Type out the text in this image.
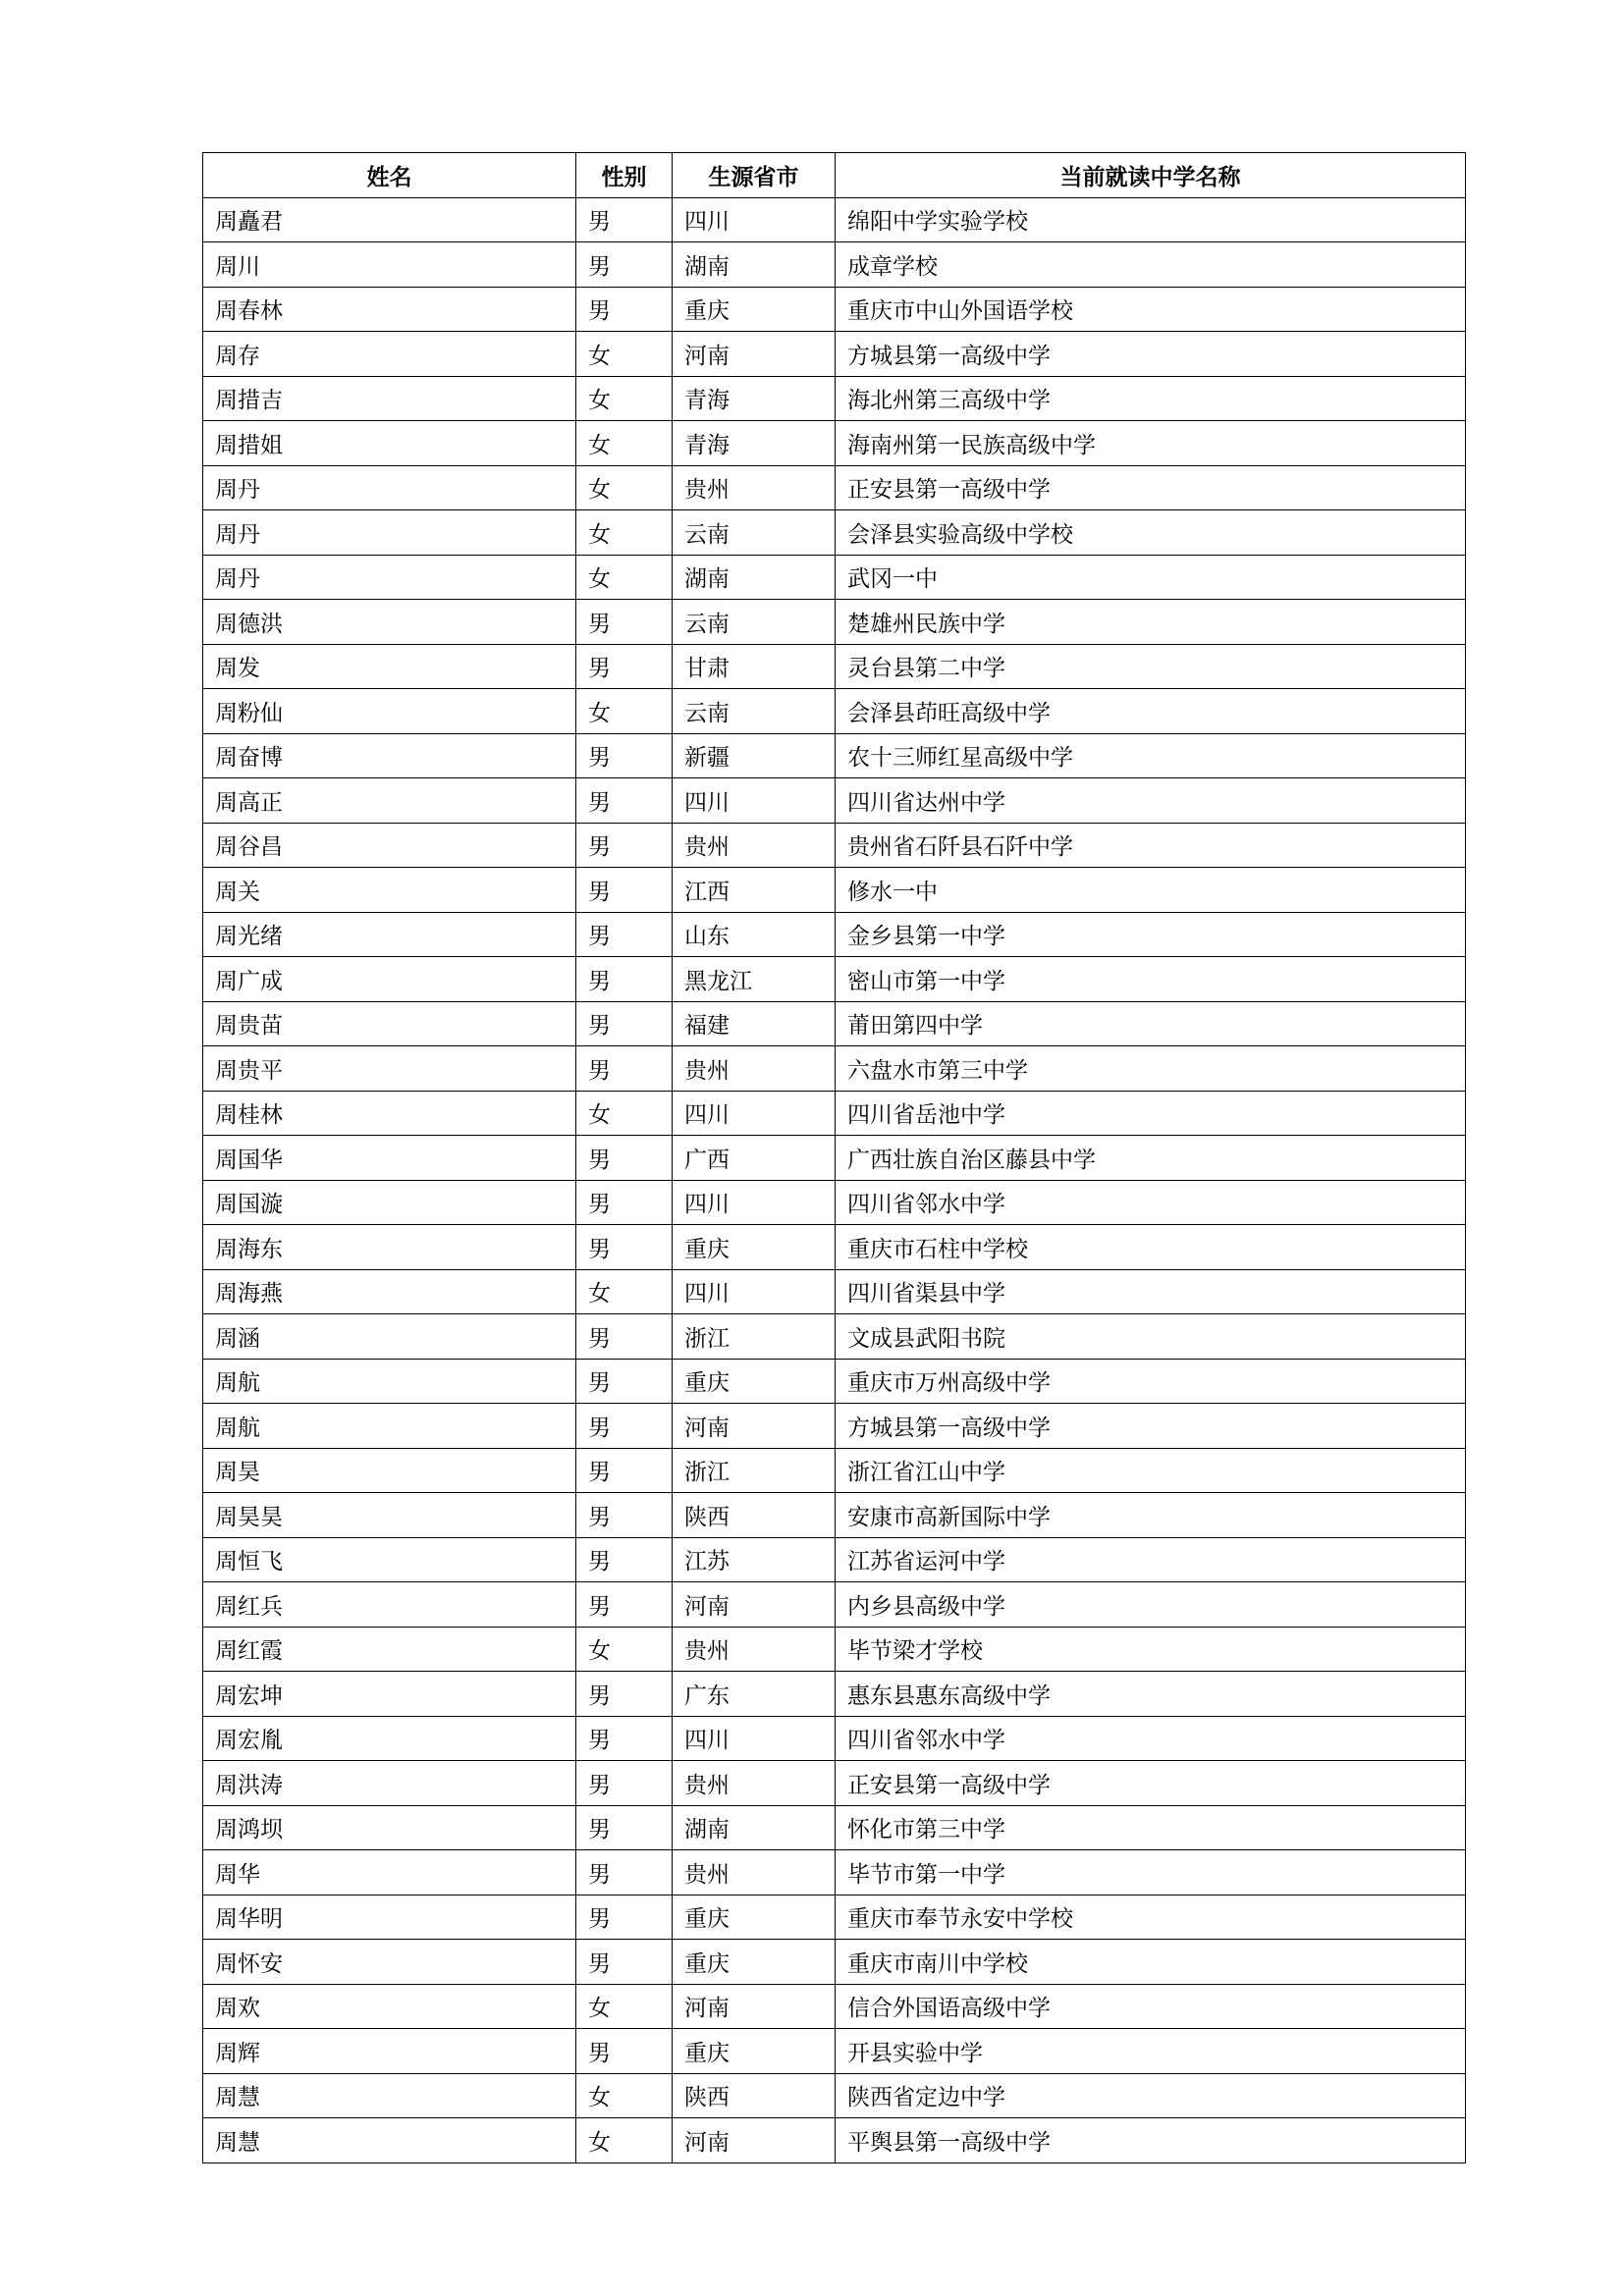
姓名	性别	生源省市	当前就读中学名称
周矗君	男	四川	绵阳中学实验学校
周川	男	湖南	成章学校
周春林	男	重庆	重庆市中山外国语学校
周存	女	河南	方城县第一高级中学
周措吉	女	青海	海北州第三高级中学
周措姐	女	青海	海南州第一民族高级中学
周丹	女	贵州	正安县第一高级中学
周丹	女	云南	会泽县实验高级中学校
周丹	女	湖南	武冈一中
周德洪	男	云南	楚雄州民族中学
周发	男	甘肃	灵台县第二中学
周粉仙	女	云南	会泽县茚旺高级中学
周奋博	男	新疆	农十三师红星高级中学
周高正	男	四川	四川省达州中学
周谷昌	男	贵州	贵州省石阡县石阡中学
周关	男	江西	修水一中
周光绪	男	山东	金乡县第一中学
周广成	男	黑龙江	密山市第一中学
周贵苗	男	福建	莆田第四中学
周贵平	男	贵州	六盘水市第三中学
周桂林	女	四川	四川省岳池中学
周国华	男	广西	广西壮族自治区藤县中学
周国漩	男	四川	四川省邻水中学
周海东	男	重庆	重庆市石柱中学校
周海燕	女	四川	四川省渠县中学
周涵	男	浙江	文成县武阳书院
周航	男	重庆	重庆市万州高级中学
周航	男	河南	方城县第一高级中学
周昊	男	浙江	浙江省江山中学
周昊昊	男	陕西	安康市高新国际中学
周恒飞	男	江苏	江苏省运河中学
周红兵	男	河南	内乡县高级中学
周红霞	女	贵州	毕节梁才学校
周宏坤	男	广东	惠东县惠东高级中学
周宏胤	男	四川	四川省邻水中学
周洪涛	男	贵州	正安县第一高级中学
周鸿坝	男	湖南	怀化市第三中学
周华	男	贵州	毕节市第一中学
周华明	男	重庆	重庆市奉节永安中学校
周怀安	男	重庆	重庆市南川中学校
周欢	女	河南	信合外国语高级中学
周辉	男	重庆	开县实验中学
周慧	女	陕西	陕西省定边中学
周慧	女	河南	平舆县第一高级中学
